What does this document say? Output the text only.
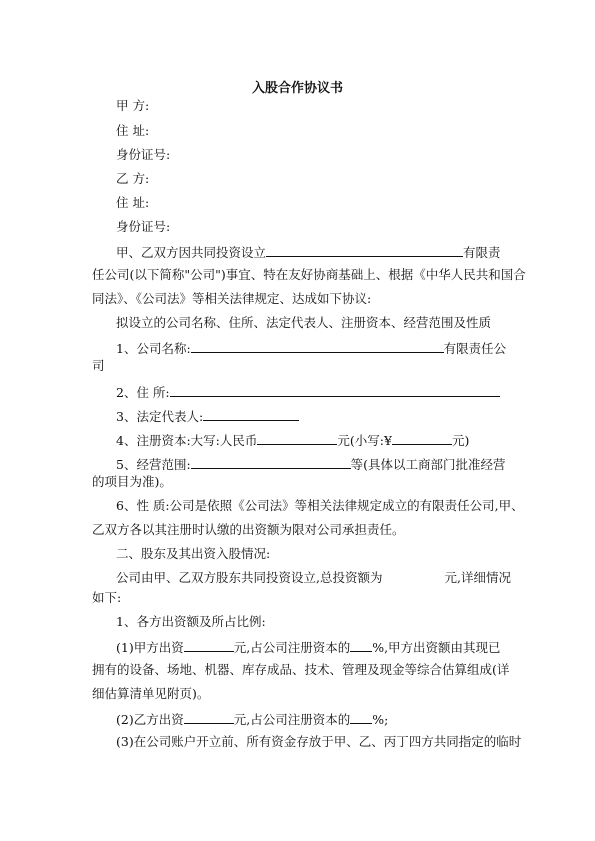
入股合作协议书
甲 方:
住 址:
身份证号:
乙 方:
住 址:
身份证号:
甲、乙双方因共同投资设立	有限责
任公司(以下简称"公司")事宜、特在友好协商基础上、根据《中华人民共和国合
同法》、《公司法》等相关法律规定、达成如下协议:
拟设立的公司名称、住所、法定代表人、注册资本、经营范围及性质
1、公司名称:	有限责任公
司
2、住 所:
3、法定代表人:
4、注册资本:大写:人民币	元(小写:¥	元)
5、经营范围:	等(具体以工商部门批准经营
的项目为准)。
6、性 质:公司是依照《公司法》等相关法律规定成立的有限责任公司,甲、
乙双方各以其注册时认缴的出资额为限对公司承担责任。
二、股东及其出资入股情况:
公司由甲、乙双方股东共同投资设立,总投资额为	元,详细情况
如下:
1、各方出资额及所占比例:
(1)甲方出资	元,占公司注册资本的 %,甲方出资额由其现已
拥有的设备、场地、机器、库存成品、技术、管理及现金等综合估算组成(详
细估算清单见附页)。
(2)乙方出资	元,占公司注册资本的 %;
(3)在公司账户开立前、所有资金存放于甲、乙、丙丁四方共同指定的临时
